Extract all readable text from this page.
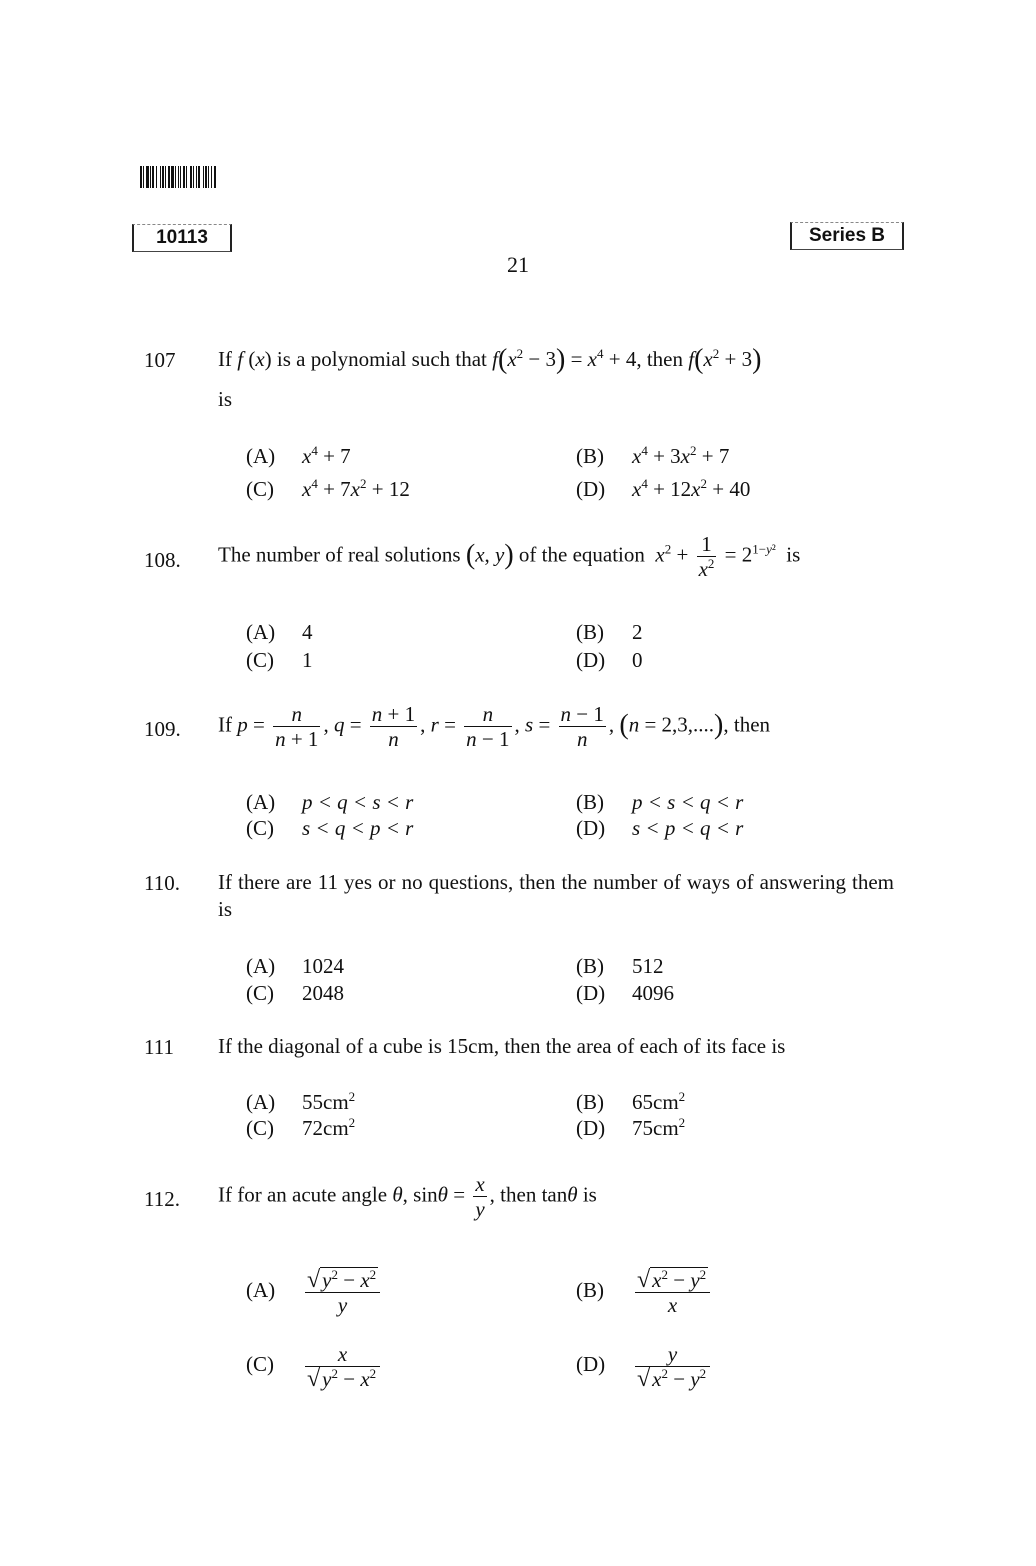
10113	Series B
21
107 If f (x) is a polynomial such that $f(x^2 - 3) = x^4 + 4$, then $f(x^2 + 3)$
is
(A) $x^4 + 7$	(B) $x^4 + 3x^2 + 7$
(C) $x^4 + 7x^2 + 12$	(D) $x^4 + 12x^2 + 40$
108. The number of real solutions (x, y) of the equation $x^2 + \frac{1}{x^2} = 2^{1-y^2}$ is
(A) 4	(B) 2
(C) 1	(D) 0
109. If $p = \frac{n}{n + 1}$ , $q = \frac{n + 1}{n}$ , $r = \frac{n}{n - 1}$ , $s = \frac{n - 1}{n}$ , (n = 2,3,....), then
(A) p < q < s < r	(B) p < s < q < r
(C) s < q < p < r	(D) s < p < q < r
110. If there are 11 yes or no questions, then the number of ways of answering them is
(A) 1024	(B) 512
(C) 2048	(D) 4096
111 If the diagonal of a cube is 15cm, then the area of each of its face is
(A) $55cm^2$	(B) $65cm^2$
(C) $72cm^2$	(D) $75cm^2$
112. If for an acute angle θ, $\sin\theta = \frac{x}{y}$ , then tanθ is
$(A) \frac{√y^2 - x^2}{y}$	$(B) \frac{√x^2 - y^2}{x}$
$(C) \frac{x}{√y^2 - x^2}$	$(D) \frac{y}{√x^2 - y^2}$
